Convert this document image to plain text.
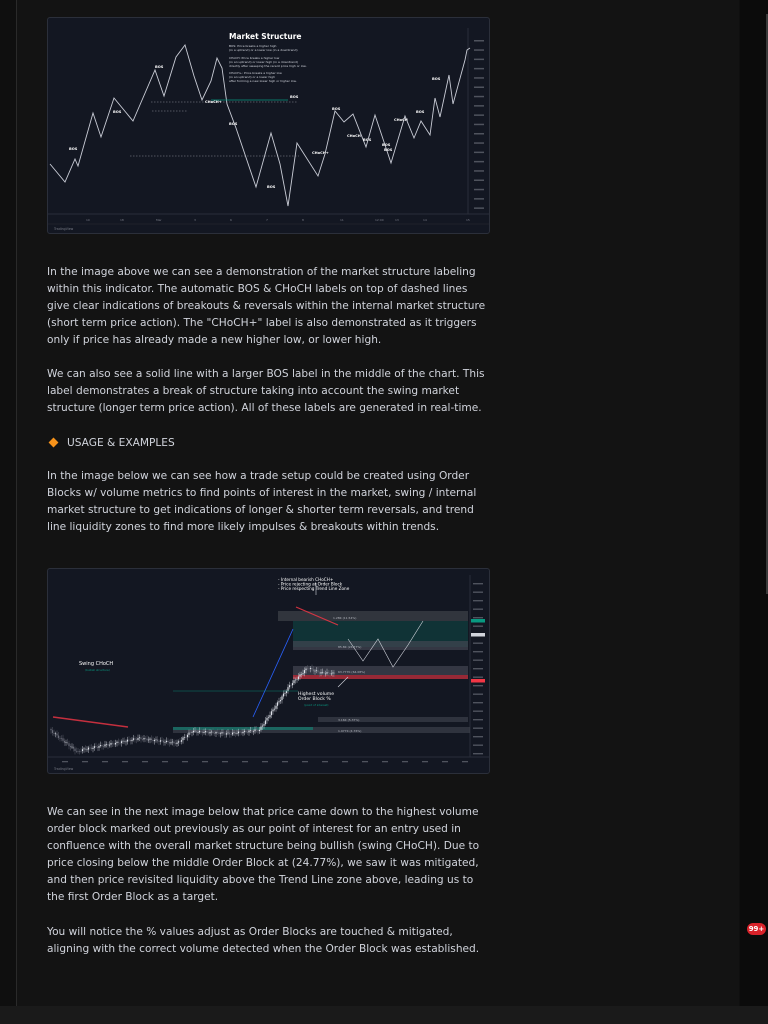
Market Structure
BOS: Price breaks a higher high
(in a uptrend) or a lower low (in a downtrend)
CHoCH: Price breaks a higher low
(in an uptrend) or lower high (in a downtrend)
directly after sweeping the recent price high or low.
CHoCH+: Price breaks a higher low
(in an uptrend) or a lower high
after forming a new lower high or higher low.
BOS
BOS
BOS
CHoCH+
BOS
BOS
BOS
CHoCH
CHoCH+
BOS
BOS
BOS
CHoCH
BOS
BOS
BOS
10	18	Mar	3	6	7	8	11	12:00	13	14	15
TradingView

In the image above we can see a demonstration of the market structure labeling within this indicator. The automatic BOS & CHoCH labels on top of dashed lines give clear indications of breakouts & reversals within the internal market structure (short term price action). The "CHoCH+" label is also demonstrated as it triggers only if price has already made a new higher low, or lower high.

We can also see a solid line with a larger BOS label in the middle of the chart. This label demonstrates a break of structure taking into account the swing market structure (longer term price action). All of these labels are generated in real-time.

USAGE & EXAMPLES

In the image below we can see how a trade setup could be created using Order Blocks w/ volume metrics to find points of interest in the market, swing / internal market structure to get indications of longer & shorter term reversals, and trend line liquidity zones to find more likely impulses & breakouts within trends.

1.28K (11.54%)
85.8K (24.77%)
63.777K (64.08%)
3.16K (5.37%)
1.977K (4.76%)
- Internal bearish CHoCH+
- Price rejecting at Order Block
- Price respecting Trend Line Zone
Swing CHoCH
(bullish structure)
Highest volume
Order Block %
(point of interest)
TradingView

We can see in the next image below that price came down to the highest volume order block marked out previously as our point of interest for an entry used in confluence with the overall market structure being bullish (swing CHoCH). Due to price closing below the middle Order Block at (24.77%), we saw it was mitigated, and then price revisited liquidity above the Trend Line zone above, leading us to the first Order Block as a target.

You will notice the % values adjust as Order Blocks are touched & mitigated, aligning with the correct volume detected when the Order Block was established.

99+
